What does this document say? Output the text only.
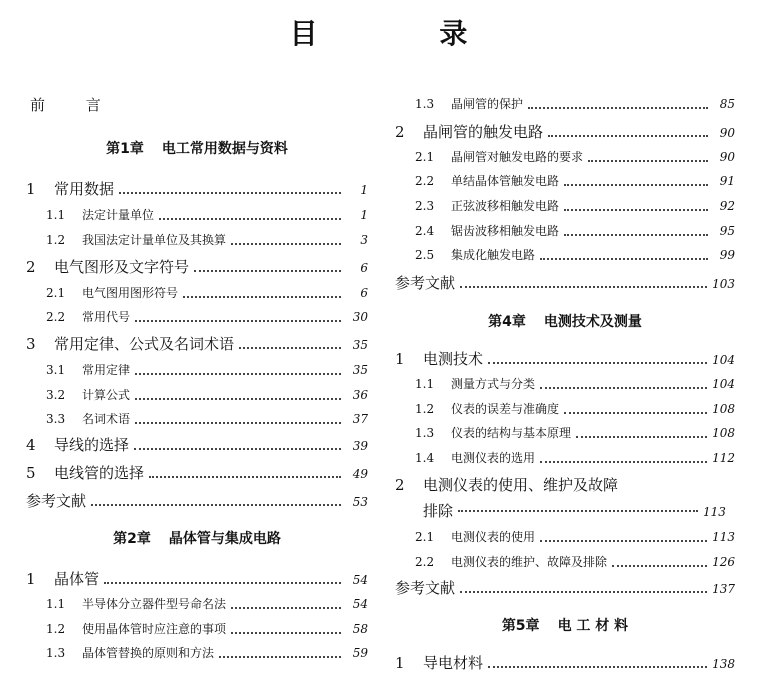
目 录
前 言
第1章 电工常用数据与资料
1	常用数据	1
1.1	法定计量单位	1
1.2	我国法定计量单位及其换算	3
2	电气图形及文字符号	6
2.1	电气图用图形符号	6
2.2	常用代号	30
3	常用定律、公式及名词术语	35
3.1	常用定律	35
3.2	计算公式	36
3.3	名词术语	37
4	导线的选择	39
5	电线管的选择	49
参考文献	53
第2章 晶体管与集成电路
1	晶体管	54
1.1	半导体分立器件型号命名法	54
1.2	使用晶体管时应注意的事项	58
1.3	晶体管替换的原则和方法	59
1.3	晶闸管的保护	85
2	晶闸管的触发电路	90
2.1	晶闸管对触发电路的要求	90
2.2	单结晶体管触发电路	91
2.3	正弦波移相触发电路	92
2.4	锯齿波移相触发电路	95
2.5	集成化触发电路	99
参考文献	103
第4章 电测技术及测量
1	电测技术	104
1.1	测量方式与分类	104
1.2	仪表的误差与准确度	108
1.3	仪表的结构与基本原理	108
1.4	电测仪表的选用	112
2	电测仪表的使用、维护及故障
排除	113
2.1	电测仪表的使用	113
2.2	电测仪表的维护、故障及排除	126
参考文献	137
第5章 电 工 材 料
1	导电材料	138
